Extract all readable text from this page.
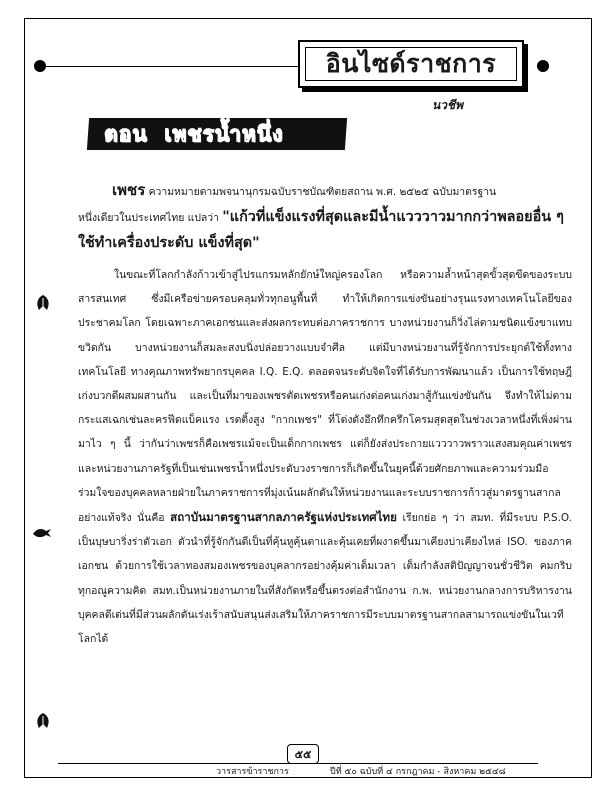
อินไซด์ราชการ
นวชีพ
ตอน เพชรน้ำหนึ่ง

เพชร ความหมายตามพจนานุกรมฉบับราชบัณฑิตยสถาน พ.ศ. ๒๕๒๕ ฉบับมาตรฐาน

หนึ่งเดียวในประเทศไทย แปลว่า "แก้วที่แข็งแรงที่สุดและมีน้ำแวววาวมากกว่าพลอยอื่น ๆ

ใช้ทำเครื่องประดับ แข็งที่สุด"

ในขณะที่โลกกำลังก้าวเข้าสู่ไปรแกรมหลักยักษ์ใหญ่ครองโลก หรือความล้ำหน้าสุดขั้วสุดขีดของระบบสารสนเทศ ซึ่งมีเครือข่ายครอบคลุมทั่วทุกอนูพื้นที่ ทำให้เกิดการแข่งขันอย่างรุนแรงทางเทคโนโลยีของประชาคมโลก โดยเฉพาะภาคเอกชนและส่งผลกระทบต่อภาคราชการ บางหน่วยงานก็วิ่งไล่ตามชนิดแข้งขาแทบขวิดกัน บางหน่วยงานก็สมละสงบนิ่งปล่อยวางแบบจำศีล แต่มีบางหน่วยงานที่รู้จักการประยุกต์ใช้ทั้งทางเทคโนโลยี ทางคุณภาพทรัพยากรบุคคล I.Q. E.Q. ตลอดจนระดับจิตใจที่ได้รับการพัฒนาแล้ว เป็นการใช้ทฤษฎีเก่งบวกดีผสมผสานกัน และเป็นที่มาของเพชรตัดเพชรหรือคนเก่งต่อคนเก่งมาสู้กันแข่งขันกัน จึงทำให้ไม่ตามกระแสเฉกเช่นละครฟีดแบ็คแรง เรตติ้งสูง "กากเพชร" ที่โด่งดังอึกทึกครึกโครมสุดสุดในช่วงเวลาหนึ่งที่เพิ่งผ่านมาไว ๆ นี้ ว่ากันว่าเพชรก็คือเพชรแม้จะเป็นเด็กกากเพชร แต่ก็ยังส่งประกายแวววาวพราวแสงสมคุณค่าเพชร และหน่วยงานภาครัฐที่เป็นเช่นเพชรน้ำหนึ่งประดับวงราชการก็เกิดขึ้นในยุคนี้ด้วยศักยภาพและความร่วมมือร่วมใจของบุคคลหลายฝ่ายในภาคราชการที่มุ่งเน้นผลักดันให้หน่วยงานและระบบราชการก้าวสู่มาตรฐานสากลอย่างแท้จริง นั่นคือ สถาบันมาตรฐานสากลภาครัฐแห่งประเทศไทย เรียกย่อ ๆ ว่า สมท. ที่มีระบบ P.S.O. เป็นบุษบาริ่งร่าตัวเอก ตัวนำที่รู้จักกันดีเป็นที่คุ้นหูคุ้นตาและคุ้นเคยที่ผงาดขึ้นมาเคียงบ่าเคียงไหล่ ISO. ของภาคเอกชน ด้วยการใช้เวลาทองสมองเพชรของบุคลากรอย่างคุ้มค่าเต็มเวลา เต็มกำลังสติปัญญาจนชั่วชีวิต คมกริบทุกอณูความคิด สมท.เป็นหน่วยงานภายในที่สังกัดหรือขึ้นตรงต่อสำนักงาน ก.พ. หน่วยงานกลางการบริหารงานบุคคลดีเด่นที่มีส่วนผลักดันเร่งเร้าสนับสนุนส่งเสริมให้ภาคราชการมีระบบมาตรฐานสากลสามารถแข่งขันในเวทีโลกได้

๕๕
วารสารข้าราชการ	ปีที่ ๕๐ ฉบับที่ ๔ กรกฎาคม - สิงหาคม ๒๕๔๘
